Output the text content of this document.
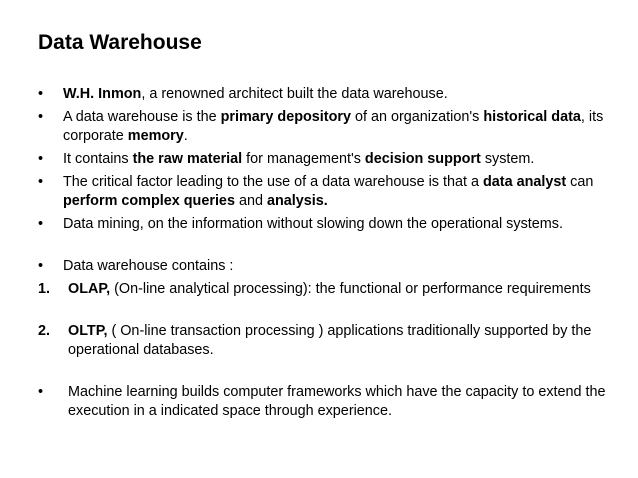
Data Warehouse
• W.H. Inmon, a renowned architect built the data warehouse.
• A data warehouse is the primary depository of an organization's historical data, its corporate memory.
• It contains the raw material for management's decision support system.
• The critical factor leading to the use of a data warehouse is that a data analyst can perform complex queries and analysis.
• Data mining, on the information without slowing down the operational systems.
• Data warehouse contains :
1. OLAP, (On-line analytical processing): the functional or performance requirements
2. OLTP, ( On-line transaction processing ) applications traditionally supported by the operational databases.
• Machine learning builds computer frameworks which have the capacity to extend the execution in a indicated space through experience.
